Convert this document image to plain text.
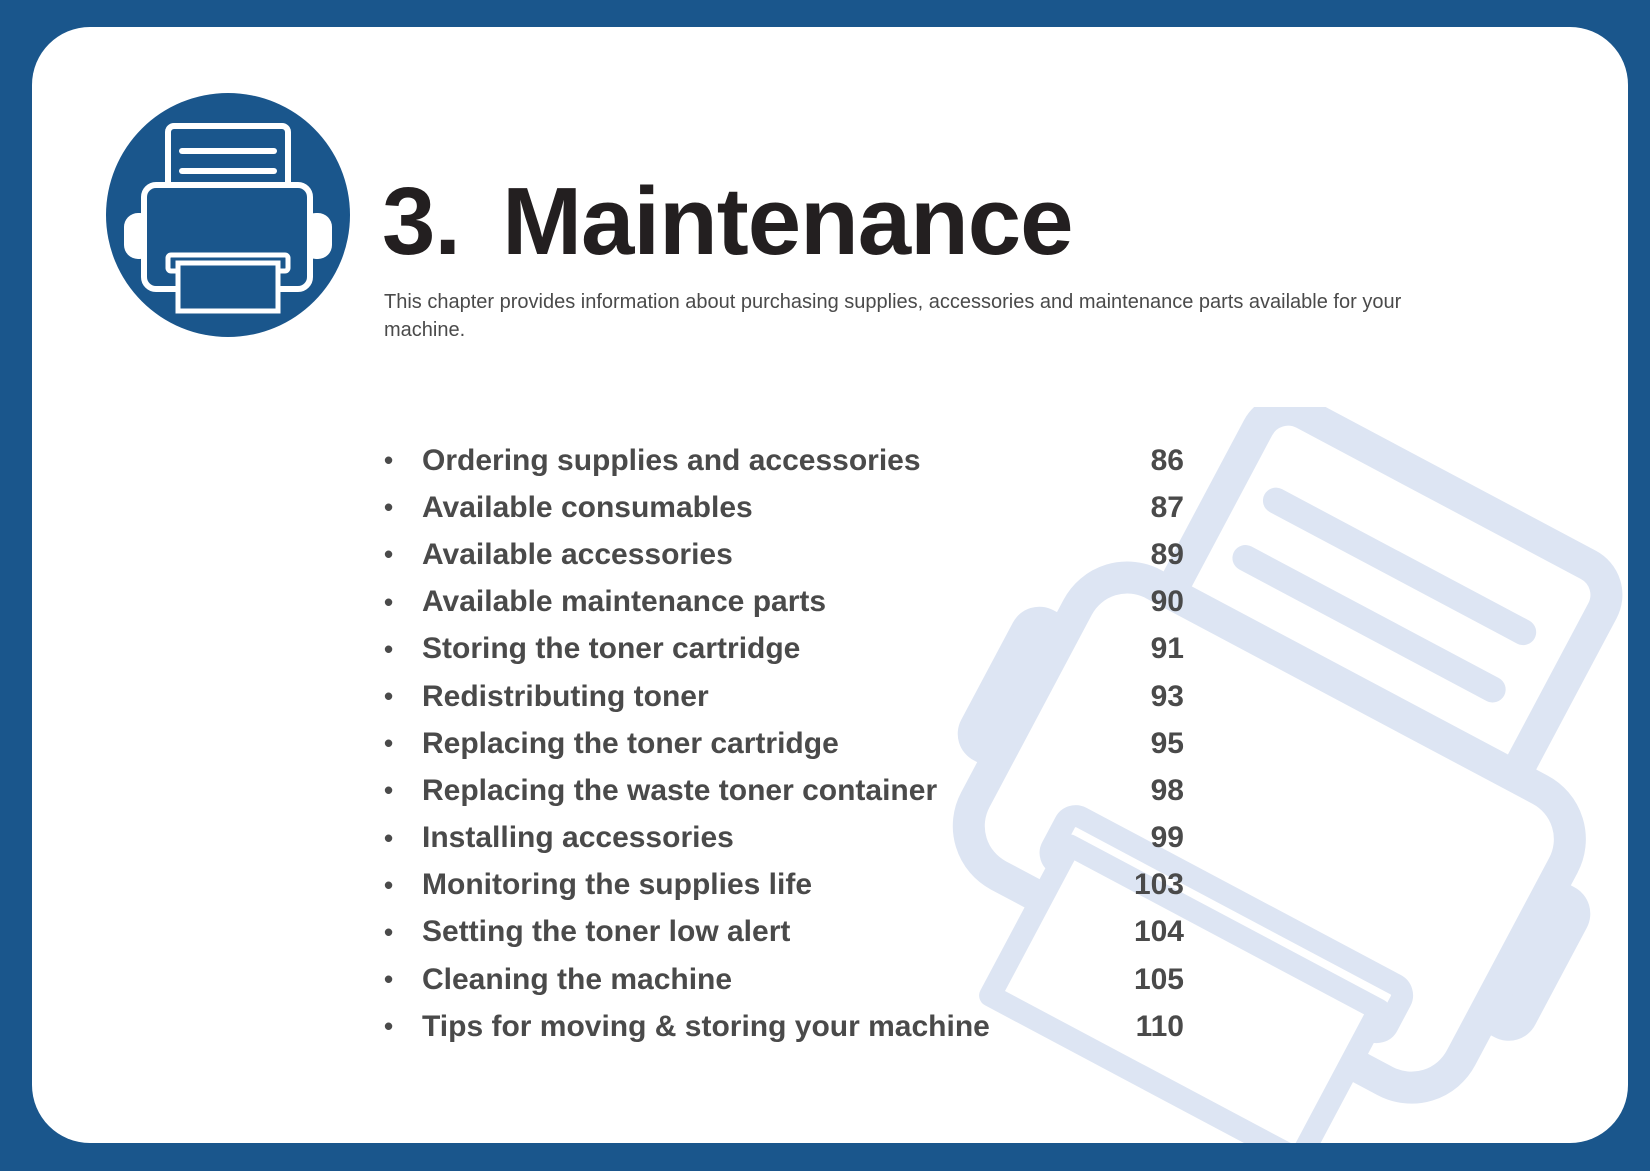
3. Maintenance

This chapter provides information about purchasing supplies, accessories and maintenance parts available for your machine.

• Ordering supplies and accessories	86
• Available consumables	87
• Available accessories	89
• Available maintenance parts	90
• Storing the toner cartridge	91
• Redistributing toner	93
• Replacing the toner cartridge	95
• Replacing the waste toner container	98
• Installing accessories	99
• Monitoring the supplies life	103
• Setting the toner low alert	104
• Cleaning the machine	105
• Tips for moving & storing your machine	110
